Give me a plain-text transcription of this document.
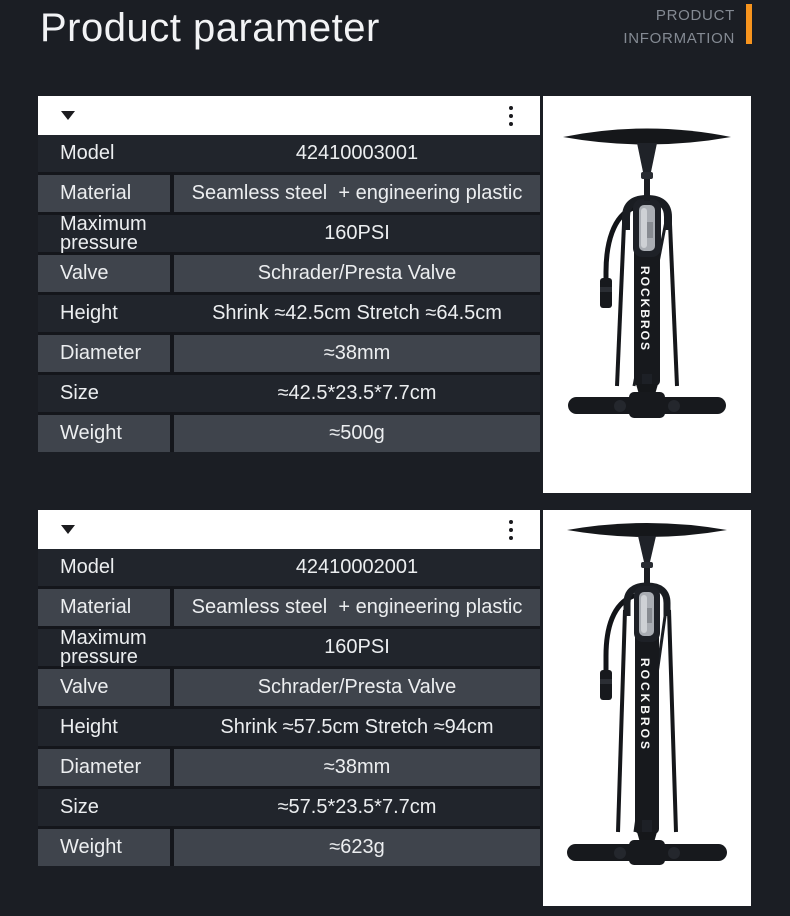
Product parameter	PRODUCT
INFORMATION
Model	42410003001
Material	Seamless steel  + engineering plastic
Maximum pressure	160PSI
Valve	Schrader/Presta Valve
Height	Shrink ≈42.5cm Stretch ≈64.5cm
Diameter	≈38mm
Size	≈42.5*23.5*7.7cm
Weight	≈500g
ROCKBROS
Model	42410002001
Material	Seamless steel  + engineering plastic
Maximum pressure	160PSI
Valve	Schrader/Presta Valve
Height	Shrink ≈57.5cm Stretch ≈94cm
Diameter	≈38mm
Size	≈57.5*23.5*7.7cm
Weight	≈623g
ROCKBROS
